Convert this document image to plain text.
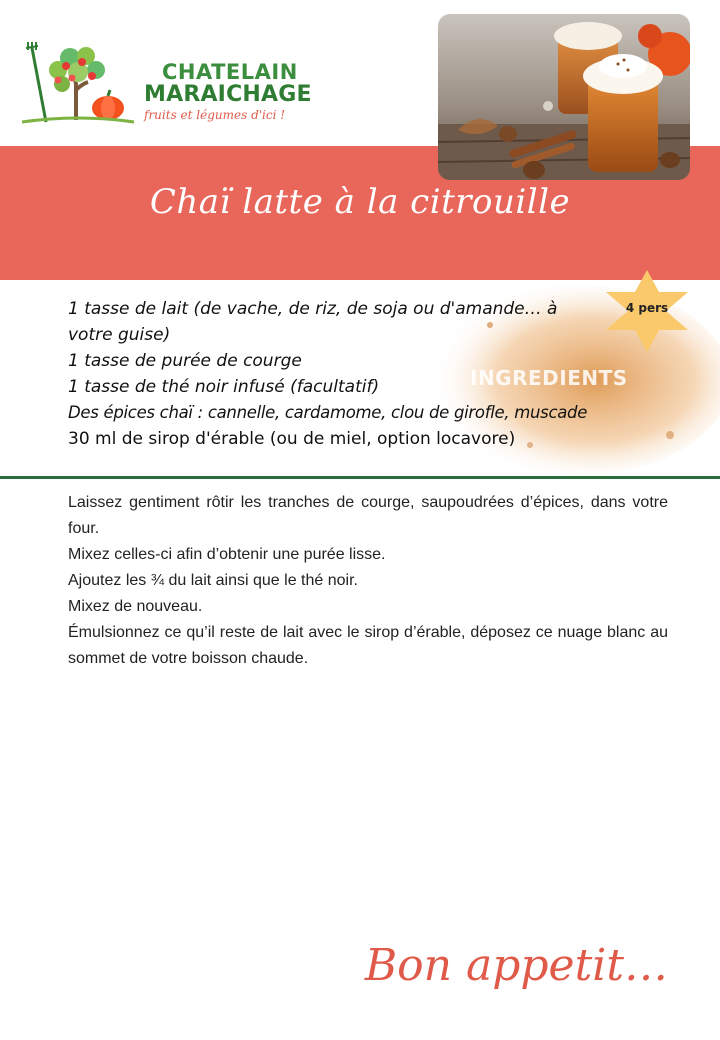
CHATELAIN
MARAICHAGE
fruits et légumes d'ici !
Chaï latte à la citrouille
INGREDIENTS
1 tasse de lait (de vache, de riz, de soja ou d'amande… à votre guise)
1 tasse de purée de courge
1 tasse de thé noir infusé (facultatif)
Des épices chaï : cannelle, cardamome, clou de girofle, muscade
30 ml de sirop d'érable (ou de miel, option locavore)
4 pers

Laissez gentiment rôtir les tranches de courge, saupoudrées d’épices, dans votre four.

Mixez celles-ci afin d’obtenir une purée lisse.

Ajoutez les ¾ du lait ainsi que le thé noir.

Mixez de nouveau.

Émulsionnez ce qu’il reste de lait avec le sirop d’érable, déposez ce nuage blanc au sommet de votre boisson chaude.

Bon appetit…
